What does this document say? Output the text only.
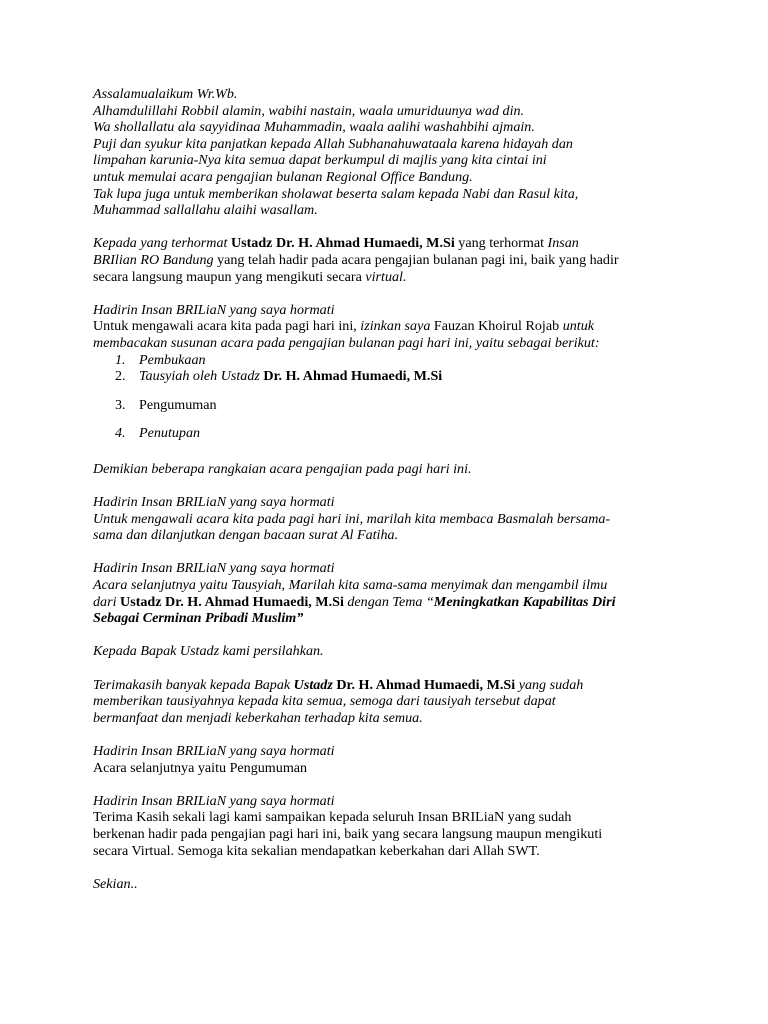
Assalamualaikum Wr.Wb.

Alhamdulillahi Robbil alamin, wabihi nastain, waala umuriduunya wad din.

Wa shollallatu ala sayyidinaa Muhammadin, waala aalihi washahbihi ajmain.

Puji dan syukur kita panjatkan kepada Allah Subhanahuwataala karena hidayah dan

limpahan karunia-Nya kita semua dapat berkumpul di majlis yang kita cintai ini

untuk memulai acara pengajian bulanan Regional Office Bandung.

Tak lupa juga untuk memberikan sholawat beserta salam kepada Nabi dan Rasul kita,

Muhammad sallallahu alaihi wasallam.

Kepada yang terhormat Ustadz Dr. H. Ahmad Humaedi, M.Si yang terhormat Insan

BRIlian RO Bandung yang telah hadir pada acara pengajian bulanan pagi ini, baik yang hadir

secara langsung maupun yang mengikuti secara virtual.

Hadirin Insan BRILiaN yang saya hormati

Untuk mengawali acara kita pada pagi hari ini, izinkan saya Fauzan Khoirul Rojab untuk

membacakan susunan acara pada pengajian bulanan pagi hari ini, yaitu sebagai berikut:

1. Pembukaan
2. Tausyiah oleh Ustadz Dr. H. Ahmad Humaedi, M.Si
3. Pengumuman
4. Penutupan

Demikian beberapa rangkaian acara pengajian pada pagi hari ini.

Hadirin Insan BRILiaN yang saya hormati

Untuk mengawali acara kita pada pagi hari ini, marilah kita membaca Basmalah bersama-

sama dan dilanjutkan dengan bacaan surat Al Fatiha.

Hadirin Insan BRILiaN yang saya hormati

Acara selanjutnya yaitu Tausyiah, Marilah kita sama-sama menyimak dan mengambil ilmu

dari Ustadz Dr. H. Ahmad Humaedi, M.Si dengan Tema “Meningkatkan Kapabilitas Diri

Sebagai Cerminan Pribadi Muslim”

Kepada Bapak Ustadz kami persilahkan.

Terimakasih banyak kepada Bapak Ustadz Dr. H. Ahmad Humaedi, M.Si yang sudah

memberikan tausiyahnya kepada kita semua, semoga dari tausiyah tersebut dapat

bermanfaat dan menjadi keberkahan terhadap kita semua.

Hadirin Insan BRILiaN yang saya hormati

Acara selanjutnya yaitu Pengumuman

Hadirin Insan BRILiaN yang saya hormati

Terima Kasih sekali lagi kami sampaikan kepada seluruh Insan BRILiaN yang sudah

berkenan hadir pada pengajian pagi hari ini, baik yang secara langsung maupun mengikuti

secara Virtual. Semoga kita sekalian mendapatkan keberkahan dari Allah SWT.

Sekian..
